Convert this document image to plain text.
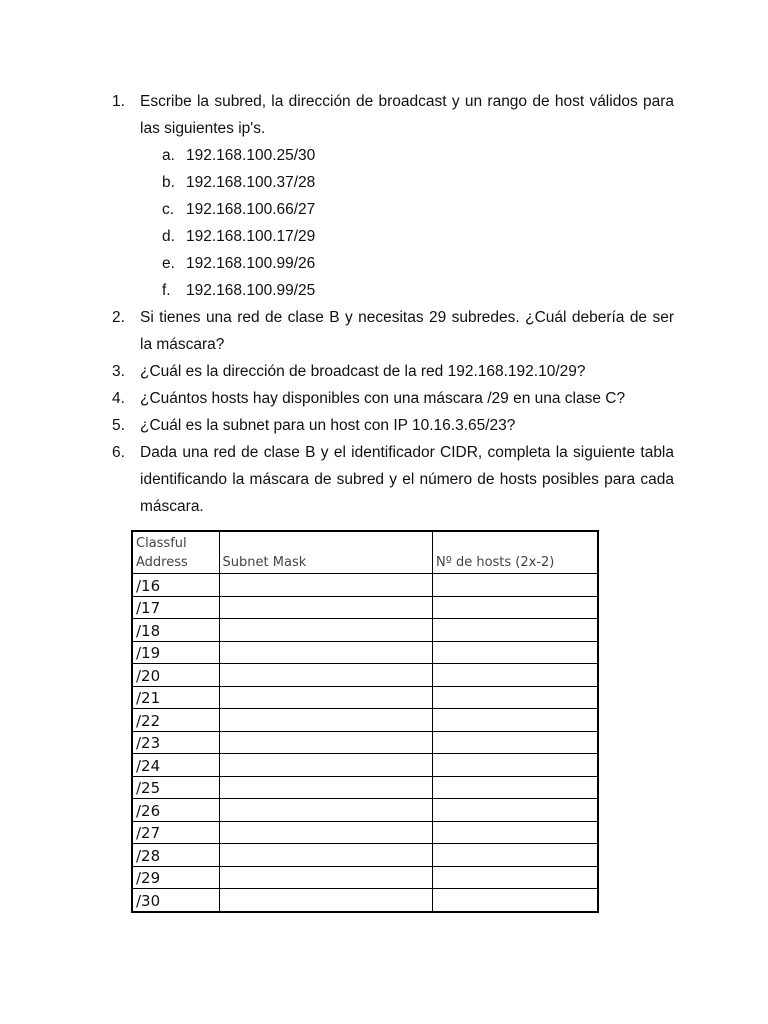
1. Escribe la subred, la dirección de broadcast y un rango de host válidos para las siguientes ip's.
a. 192.168.100.25/30
b. 192.168.100.37/28
c. 192.168.100.66/27
d. 192.168.100.17/29
e. 192.168.100.99/26
f. 192.168.100.99/25
2. Si tienes una red de clase B y necesitas 29 subredes. ¿Cuál debería de ser la máscara?
3. ¿Cuál es la dirección de broadcast de la red 192.168.192.10/29?
4. ¿Cuántos hosts hay disponibles con una máscara /29 en una clase C?
5. ¿Cuál es la subnet para un host con IP 10.16.3.65/23?
6. Dada una red de clase B y el identificador CIDR, completa la siguiente tabla identificando la máscara de subred y el número de hosts posibles para cada máscara.
Classful Address	Subnet Mask	Nº de hosts (2x-2)
/16		
/17		
/18		
/19		
/20		
/21		
/22		
/23		
/24		
/25		
/26		
/27		
/28		
/29		
/30		
